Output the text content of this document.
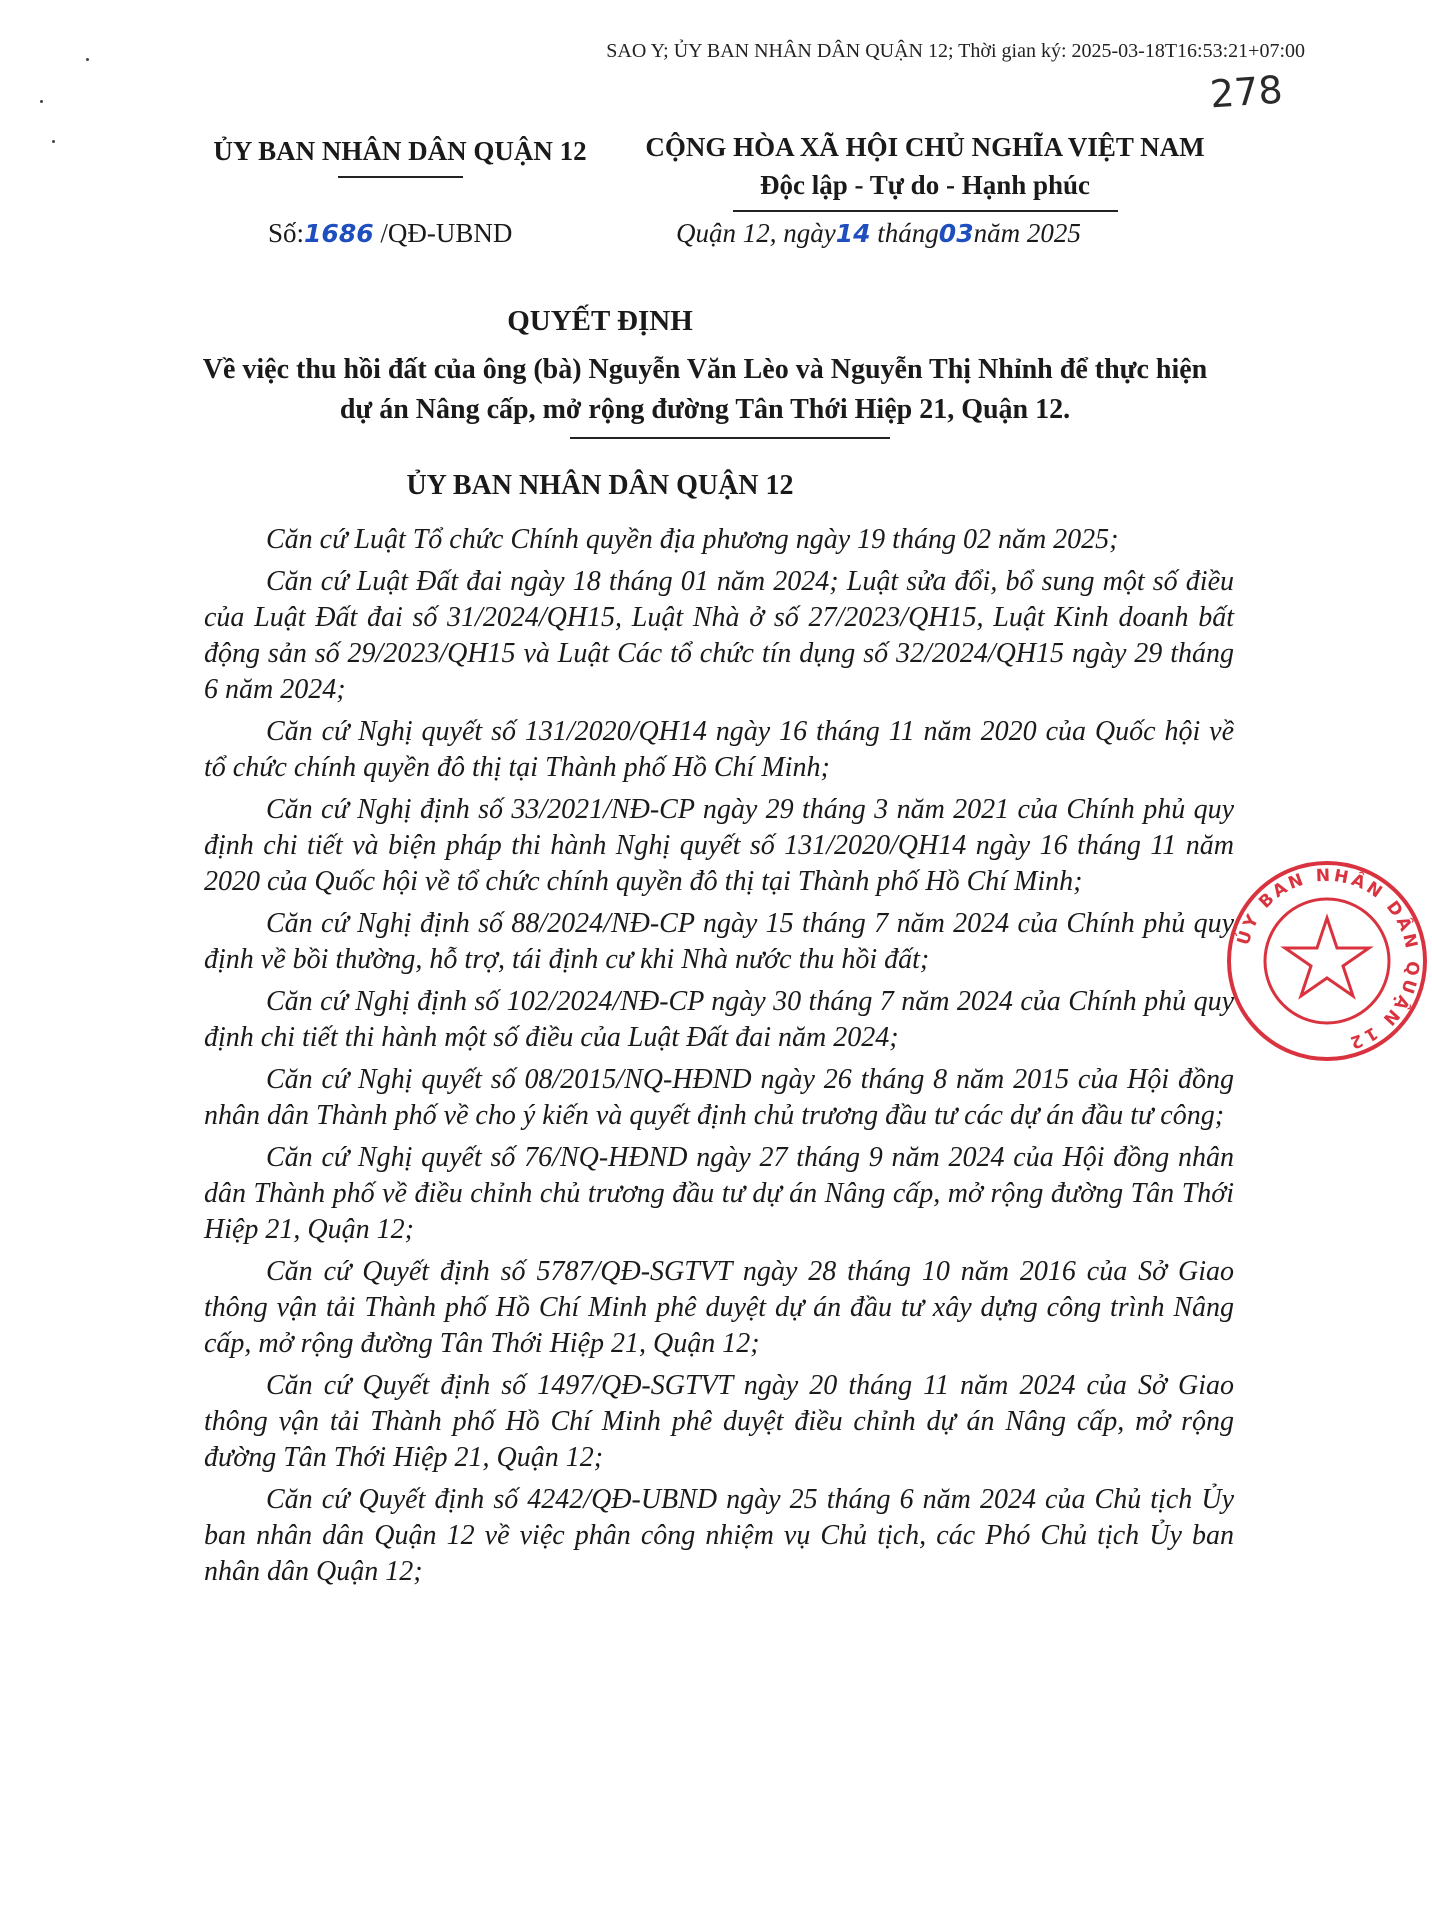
SAO Y; ỦY BAN NHÂN DÂN QUẬN 12; Thời gian ký: 2025-03-18T16:53:21+07:00
278
ỦY BAN NHÂN DÂN QUẬN 12	CỘNG HÒA XÃ HỘI CHỦ NGHĨA VIỆT NAM
Độc lập - Tự do - Hạnh phúc
Số:1686 /QĐ-UBND	Quận 12, ngày14 tháng03năm 2025
QUYẾT ĐỊNH
Về việc thu hồi đất của ông (bà) Nguyễn Văn Lèo và Nguyễn Thị Nhỉnh để thực hiện dự án Nâng cấp, mở rộng đường Tân Thới Hiệp 21, Quận 12.
ỦY BAN NHÂN DÂN QUẬN 12

Căn cứ Luật Tổ chức Chính quyền địa phương ngày 19 tháng 02 năm 2025;

Căn cứ Luật Đất đai ngày 18 tháng 01 năm 2024; Luật sửa đổi, bổ sung một số điều của Luật Đất đai số 31/2024/QH15, Luật Nhà ở số 27/2023/QH15, Luật Kinh doanh bất động sản số 29/2023/QH15 và Luật Các tổ chức tín dụng số 32/2024/QH15 ngày 29 tháng 6 năm 2024;

Căn cứ Nghị quyết số 131/2020/QH14 ngày 16 tháng 11 năm 2020 của Quốc hội về tổ chức chính quyền đô thị tại Thành phố Hồ Chí Minh;

Căn cứ Nghị định số 33/2021/NĐ-CP ngày 29 tháng 3 năm 2021 của Chính phủ quy định chi tiết và biện pháp thi hành Nghị quyết số 131/2020/QH14 ngày 16 tháng 11 năm 2020 của Quốc hội về tổ chức chính quyền đô thị tại Thành phố Hồ Chí Minh;

Căn cứ Nghị định số 88/2024/NĐ-CP ngày 15 tháng 7 năm 2024 của Chính phủ quy định về bồi thường, hỗ trợ, tái định cư khi Nhà nước thu hồi đất;

Căn cứ Nghị định số 102/2024/NĐ-CP ngày 30 tháng 7 năm 2024 của Chính phủ quy định chi tiết thi hành một số điều của Luật Đất đai năm 2024;

Căn cứ Nghị quyết số 08/2015/NQ-HĐND ngày 26 tháng 8 năm 2015 của Hội đồng nhân dân Thành phố về cho ý kiến và quyết định chủ trương đầu tư các dự án đầu tư công;

Căn cứ Nghị quyết số 76/NQ-HĐND ngày 27 tháng 9 năm 2024 của Hội đồng nhân dân Thành phố về điều chỉnh chủ trương đầu tư dự án Nâng cấp, mở rộng đường Tân Thới Hiệp 21, Quận 12;

Căn cứ Quyết định số 5787/QĐ-SGTVT ngày 28 tháng 10 năm 2016 của Sở Giao thông vận tải Thành phố Hồ Chí Minh phê duyệt dự án đầu tư xây dựng công trình Nâng cấp, mở rộng đường Tân Thới Hiệp 21, Quận 12;

Căn cứ Quyết định số 1497/QĐ-SGTVT ngày 20 tháng 11 năm 2024 của Sở Giao thông vận tải Thành phố Hồ Chí Minh phê duyệt điều chỉnh dự án Nâng cấp, mở rộng đường Tân Thới Hiệp 21, Quận 12;

Căn cứ Quyết định số 4242/QĐ-UBND ngày 25 tháng 6 năm 2024 của Chủ tịch Ủy ban nhân dân Quận 12 về việc phân công nhiệm vụ Chủ tịch, các Phó Chủ tịch Ủy ban nhân dân Quận 12;

ỦY BAN NHÂN DÂN QUẬN 12
